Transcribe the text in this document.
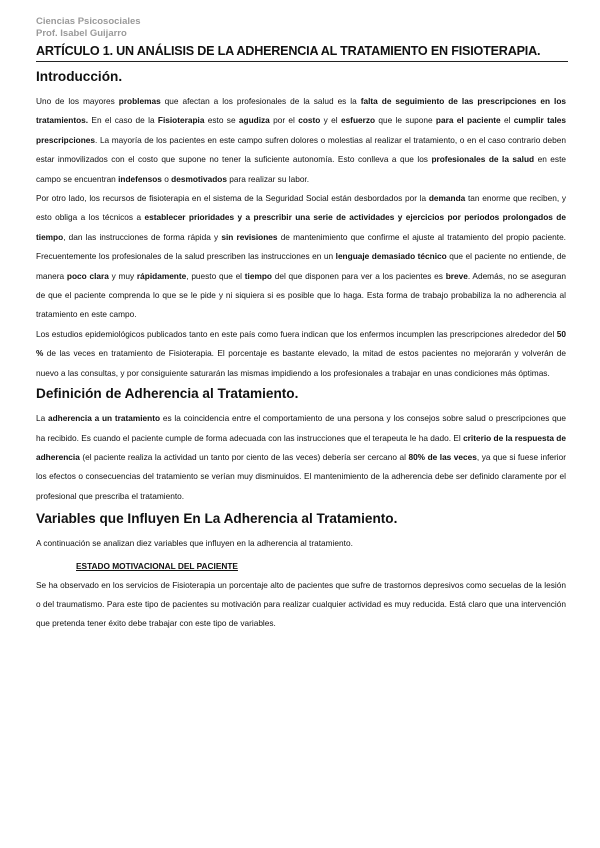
Ciencias Psicosociales
Prof. Isabel Guijarro
ARTÍCULO 1. UN ANÁLISIS DE LA ADHERENCIA AL TRATAMIENTO EN FISIOTERAPIA.
Introducción.

Uno de los mayores problemas que afectan a los profesionales de la salud es la falta de seguimiento de las prescripciones en los tratamientos. En el caso de la Fisioterapia esto se agudiza por el costo y el esfuerzo que le supone para el paciente el cumplir tales prescripciones. La mayoría de los pacientes en este campo sufren dolores o molestias al realizar el tratamiento, o en el caso contrario deben estar inmovilizados con el costo que supone no tener la suficiente autonomía. Esto conlleva a que los profesionales de la salud en este campo se encuentran indefensos o desmotivados para realizar su labor.

Por otro lado, los recursos de fisioterapia en el sistema de la Seguridad Social están desbordados por la demanda tan enorme que reciben, y esto obliga a los técnicos a establecer prioridades y a prescribir una serie de actividades y ejercicios por periodos prolongados de tiempo, dan las instrucciones de forma rápida y sin revisiones de mantenimiento que confirme el ajuste al tratamiento del propio paciente. Frecuentemente los profesionales de la salud prescriben las instrucciones en un lenguaje demasiado técnico que el paciente no entiende, de manera poco clara y muy rápidamente, puesto que el tiempo del que disponen para ver a los pacientes es breve. Además, no se aseguran de que el paciente comprenda lo que se le pide y ni siquiera si es posible que lo haga. Esta forma de trabajo probabiliza la no adherencia al tratamiento en este campo.

Los estudios epidemiológicos publicados tanto en este país como fuera indican que los enfermos incumplen las prescripciones alrededor del 50 % de las veces en tratamiento de Fisioterapia. El porcentaje es bastante elevado, la mitad de estos pacientes no mejorarán y volverán de nuevo a las consultas, y por consiguiente saturarán las mismas impidiendo a los profesionales a trabajar en unas condiciones más óptimas.

Definición de Adherencia al Tratamiento.

La adherencia a un tratamiento es la coincidencia entre el comportamiento de una persona y los consejos sobre salud o prescripciones que ha recibido. Es cuando el paciente cumple de forma adecuada con las instrucciones que el terapeuta le ha dado. El criterio de la respuesta de adherencia (el paciente realiza la actividad un tanto por ciento de las veces) debería ser cercano al 80% de las veces, ya que si fuese inferior los efectos o consecuencias del tratamiento se verían muy disminuidos. El mantenimiento de la adherencia debe ser definido claramente por el profesional que prescriba el tratamiento.

Variables que Influyen En La Adherencia al Tratamiento.

A continuación se analizan diez variables que influyen en la adherencia al tratamiento.

ESTADO MOTIVACIONAL DEL PACIENTE

Se ha observado en los servicios de Fisioterapia un porcentaje alto de pacientes que sufre de trastornos depresivos como secuelas de la lesión o del traumatismo. Para este tipo de pacientes su motivación para realizar cualquier actividad es muy reducida. Está claro que una intervención que pretenda tener éxito debe trabajar con este tipo de variables.
